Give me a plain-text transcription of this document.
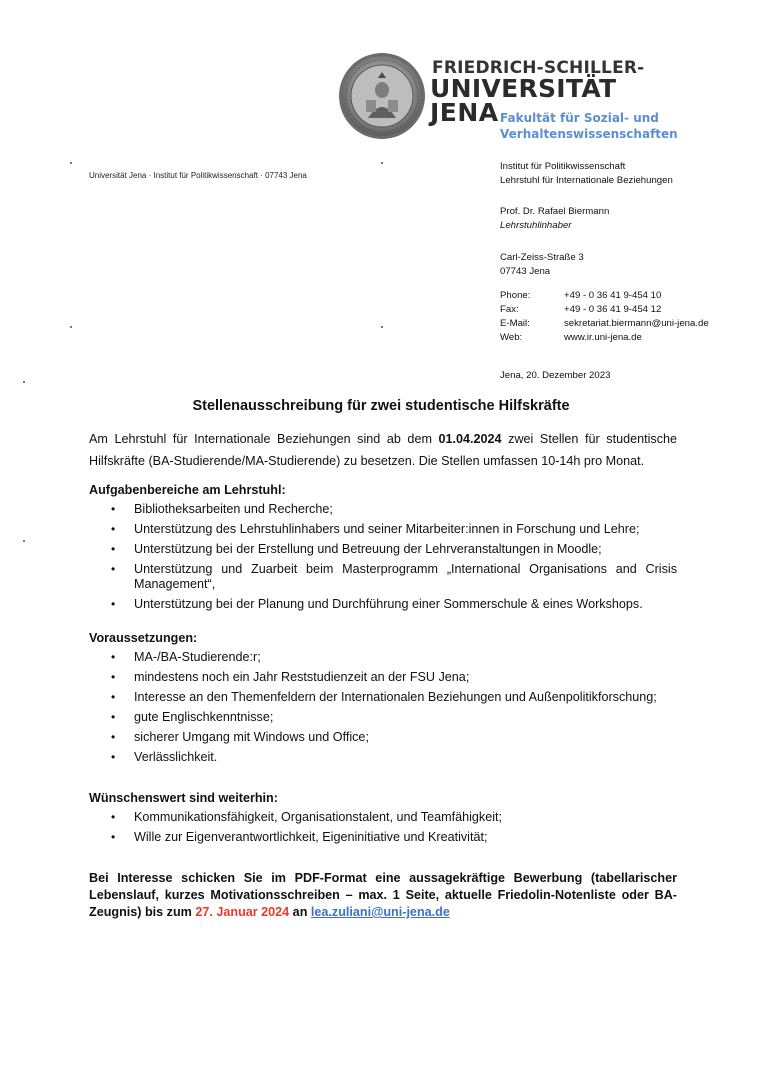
FRIEDRICH-SCHILLER-
UNIVERSITÄT
JENA Fakultät für Sozial- und
Verhaltenswissenschaften
Universität Jena · Institut für Politikwissenschaft · 07743 Jena
Institut für Politikwissenschaft
Lehrstuhl für Internationale Beziehungen
Prof. Dr. Rafael Biermann
Lehrstuhlinhaber
Carl-Zeiss-Straße 3
07743 Jena
Phone:	+49 - 0 36 41 9-454 10
Fax:	+49 - 0 36 41 9-454 12
E-Mail:	sekretariat.biermann@uni-jena.de
Web:	www.ir.uni-jena.de
Jena, 20. Dezember 2023
Stellenausschreibung für zwei studentische Hilfskräfte
Am Lehrstuhl für Internationale Beziehungen sind ab dem 01.04.2024 zwei Stellen für studentische Hilfskräfte (BA-Studierende/MA-Studierende) zu besetzen. Die Stellen umfassen 10-14h pro Monat.
Aufgabenbereiche am Lehrstuhl:
• Bibliotheksarbeiten und Recherche;
• Unterstützung des Lehrstuhlinhabers und seiner Mitarbeiter:innen in Forschung und Lehre;
• Unterstützung bei der Erstellung und Betreuung der Lehrveranstaltungen in Moodle;
• Unterstützung und Zuarbeit beim Masterprogramm „International Organisations and Crisis Management“,
• Unterstützung bei der Planung und Durchführung einer Sommerschule & eines Workshops.
Voraussetzungen:
• MA-/BA-Studierende:r;
• mindestens noch ein Jahr Reststudienzeit an der FSU Jena;
• Interesse an den Themenfeldern der Internationalen Beziehungen und Außenpolitikforschung;
• gute Englischkenntnisse;
• sicherer Umgang mit Windows und Office;
• Verlässlichkeit.
Wünschenswert sind weiterhin:
• Kommunikationsfähigkeit, Organisationstalent, und Teamfähigkeit;
• Wille zur Eigenverantwortlichkeit, Eigeninitiative und Kreativität;
Bei Interesse schicken Sie im PDF-Format eine aussagekräftige Bewerbung (tabellarischer Lebenslauf, kurzes Motivationsschreiben – max. 1 Seite, aktuelle Friedolin-Notenliste oder BA-Zeugnis) bis zum 27. Januar 2024 an lea.zuliani@uni-jena.de
